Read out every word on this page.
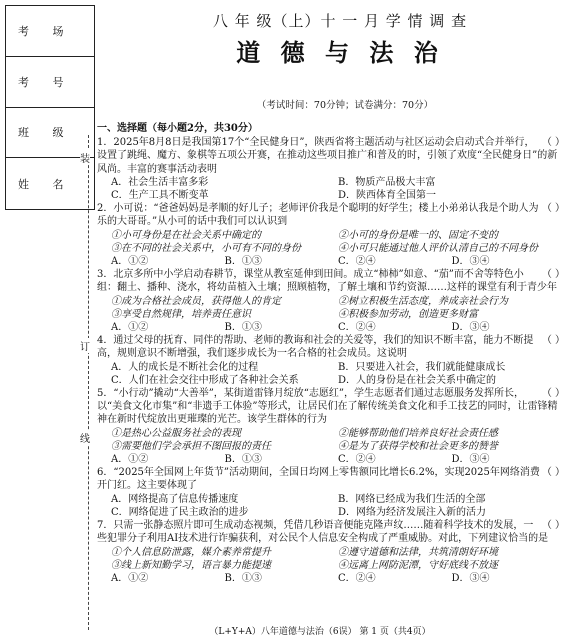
考 场
考 号
班 级
姓 名
装
订
线
八 年 级（上）十 一 月 学 情 调 查
道 德 与 法 治
（考试时间：70分钟；试卷满分：70分）
一、选择题（每小题2分，共30分）
（ ）
1．2025年8月8日是我国第17个“全民健身日”，陕西省将主题活动与社区运动会启动式合并举行，设置了跳绳、魔方、象棋等五项公开赛，在推动这些项目推广和普及的时，引领了欢度“全民健身日”的新风尚。丰富的赛事活动表明
A．社会生活丰富多彩	B．物质产品极大丰富
C．生产工具不断变革	D．陕西体育全国第一
（ ）
2．小可说：“爸爸妈妈是孝顺的好儿子；老师评价我是个聪明的好学生；楼上小弟弟认我是个助人为乐的大哥哥。”从小可的话中我们可以认识到
①小可身份是在社会关系中确定的	②小可的身份是唯一的、固定不变的
③在不同的社会关系中，小可有不同的身份	④小可只能通过他人评价认清自己的不同身份
A．①②	B．①③	C．②④	D．③④
（ ）
3．北京多所中小学启动春耕节，课堂从教室延伸到田间。成立“柿柿”如意、“茄”而不舍等特色小组：翻土、播种、浇水，将幼苗植入土壤；照顾植物，了解土壤和节约资源……这样的课堂有利于青少年
①成为合格社会成员，获得他人的肯定	②树立积极生活态度，养成亲社会行为
③享受自然规律，培养责任意识	④积极参加劳动，创造更多财富
A．①②	B．①③	C．②④	D．③④
（ ）
4．通过父母的抚育、同伴的帮助、老师的教诲和社会的关爱等，我们的知识不断丰富，能力不断提高，规则意识不断增强，我们逐步成长为一名合格的社会成员。这说明
A．人的成长是不断社会化的过程	B．只要进入社会，我们就能健康成长
C．人们在社会交往中形成了各种社会关系	D．人的身份是在社会关系中确定的
（ ）
5．“小行动”撬动“大善举”，某街道雷锋月绽放“志愿红”，学生志愿者们通过志愿服务发挥所长，以“美食文化市集”和“非遗手工体验”等形式，让居民们在了解传统美食文化和手工技艺的同时，让雷锋精神在新时代绽放出更璀璨的光芒。该学生群体的行为
①是热心公益服务社会的表现	②能够帮助他们培养良好社会责任感
③需要他们学会承担不图回报的责任	④是为了获得学校和社会更多的赞誉
A．①②	B．①③	C．②④	D．③④
（ ）
6．“2025年全国网上年货节”活动期间，全国日均网上零售额同比增长6.2%，实现2025年网络消费开门红。这主要体现了
A．网络提高了信息传播速度	B．网络已经成为我们生活的全部
C．网络促进了民主政治的进步	D．网络为经济发展注入新的活力
（ ）
7．只需一张静态照片即可生成动态视频，凭借几秒语音便能克隆声纹……随着科学技术的发展，一些犯罪分子利用AI技术进行诈骗获利，对公民个人信息安全构成了严重威胁。对此，下列建议恰当的是
①个人信息防泄露，媒介素养常提升	②遵守道德和法律，共筑清朗好环境
③线上新知勤学习，语言暴力能提速	④远离上网防泥潭，守好底线不放逐
A．①②	B．①③	C．②④	D．③④
（L+Y+A）八年道德与法治（6误） 第 1 页（共4页）
